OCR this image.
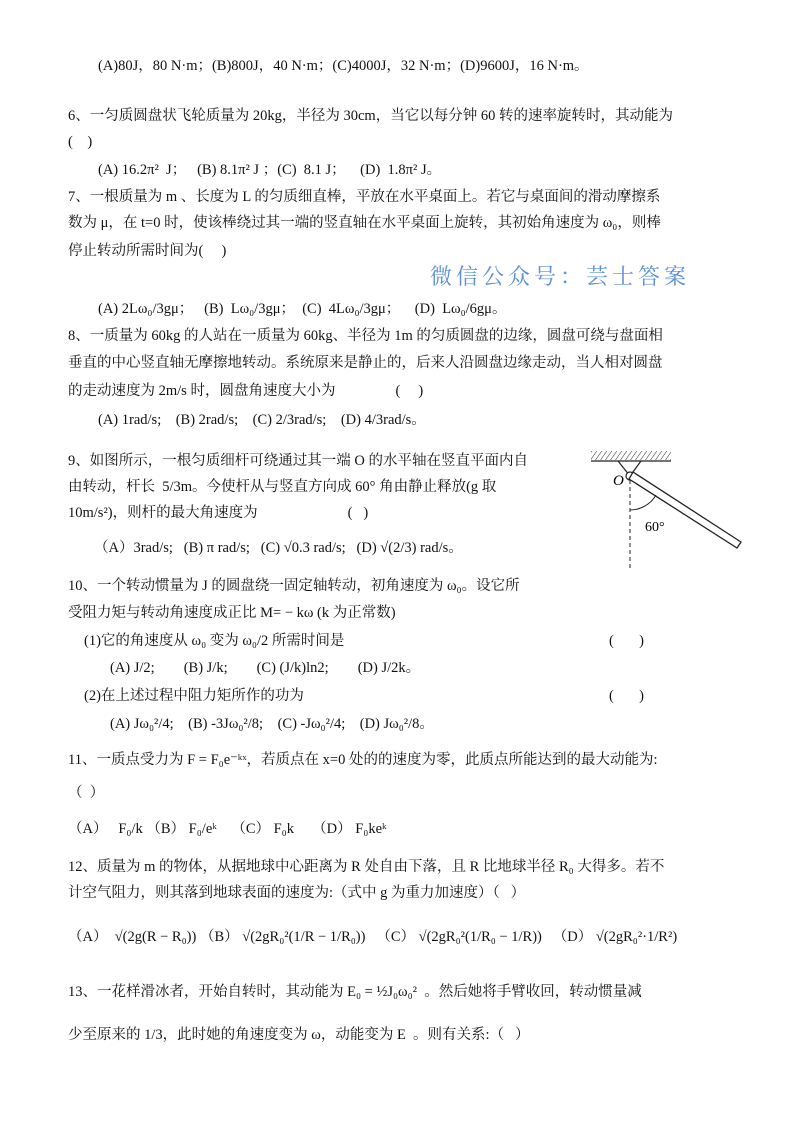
(A)80J，80 N·m；(B)800J，40 N·m；(C)4000J，32 N·m；(D)9600J，16 N·m。
6、一匀质圆盘状飞轮质量为 20kg，半径为 30cm，当它以每分钟 60 转的速率旋转时，其动能为
(    )
(A) 16.2π²  J；   (B) 8.1π² J ；(C)  8.1 J；    (D)  1.8π² J。
7、一根质量为 m 、长度为 L 的匀质细直棒，平放在水平桌面上。若它与桌面间的滑动摩擦系
数为 μ，在 t=0 时，使该棒绕过其一端的竖直轴在水平桌面上旋转，其初始角速度为 ω₀，则棒
停止转动所需时间为(     )
微信公众号：芸士答案
(A) 2Lω₀/3gμ；   (B)  Lω₀/3gμ；  (C)  4Lω₀/3gμ；    (D)  Lω₀/6gμ。
8、一质量为 60kg 的人站在一质量为 60kg、半径为 1m 的匀质圆盘的边缘，圆盘可绕与盘面相
垂直的中心竖直轴无摩擦地转动。系统原来是静止的，后来人沿圆盘边缘走动，当人相对圆盘
的走动速度为 2m/s 时，圆盘角速度大小为	(     )
(A) 1rad/s;    (B) 2rad/s;    (C) 2/3rad/s;    (D) 4/3rad/s。
9、如图所示，一根匀质细杆可绕通过其一端 O 的水平轴在竖直平面内自
由转动，杆长  5/3m。今使杆从与竖直方向成 60° 角由静止释放(g 取
10m/s²)，则杆的最大角速度为	(   )
（A）3rad/s;   (B) π rad/s;   (C) √0.3 rad/s;   (D) √(2/3) rad/s。
O
60°
10、一个转动惯量为 J 的圆盘绕一固定轴转动，初角速度为 ω₀。设它所
受阻力矩与转动角速度成正比 M= − kω (k 为正常数)
(1)它的角速度从 ω₀ 变为 ω₀/2 所需时间是	(       )
(A) J/2;        (B) J/k;        (C) (J/k)ln2;        (D) J/2k。
(2)在上述过程中阻力矩所作的功为	(       )
(A) Jω₀²/4;    (B) -3Jω₀²/8;    (C) -Jω₀²/4;    (D) Jω₀²/8。
11、一质点受力为 F = F₀e⁻ᵏˣ，若质点在 x=0 处的的速度为零，此质点所能达到的最大动能为:
（  ）
（A）   F₀/k （B） F₀/eᵏ    （C） F₀k     （D） F₀keᵏ
12、质量为 m 的物体，从据地球中心距离为 R 处自由下落，且 R 比地球半径 R₀ 大得多。若不
计空气阻力，则其落到地球表面的速度为:（式中 g 为重力加速度）（   ）
（A）  √(2g(R − R₀)) （B） √(2gR₀²(1/R − 1/R₀))   （C） √(2gR₀²(1/R₀ − 1/R))   （D） √(2gR₀²·1/R²)
13、一花样滑冰者，开始自转时，其动能为 E₀ = ½J₀ω₀²  。然后她将手臂收回，转动惯量减
少至原来的 1/3，此时她的角速度变为 ω，动能变为 E  。则有关系:（   ）
